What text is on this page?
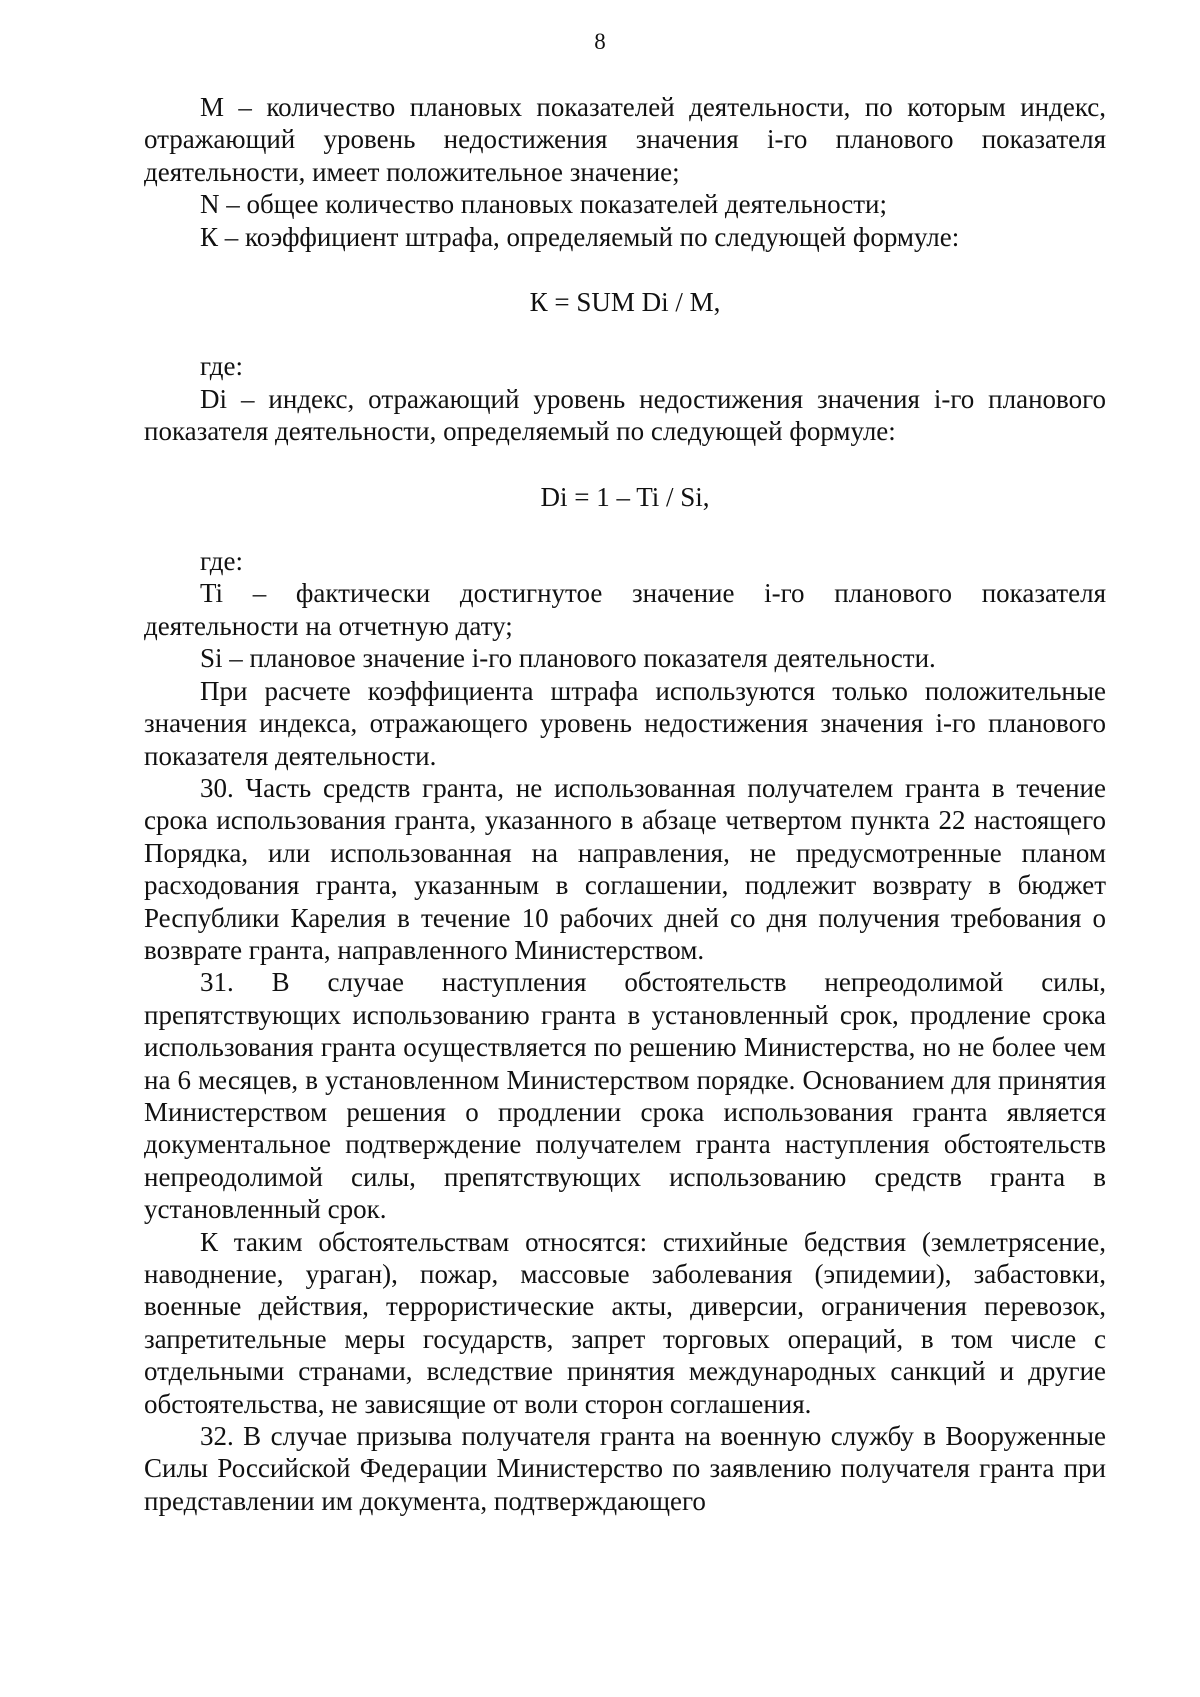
8

M – количество плановых показателей деятельности, по которым индекс, отражающий уровень недостижения значения i-го планового показателя деятельности, имеет положительное значение;

N – общее количество плановых показателей деятельности;

К – коэффициент штрафа, определяемый по следующей формуле:

К = SUM Di / M,

где:

Di – индекс, отражающий уровень недостижения значения i-го планового показателя деятельности, определяемый по следующей формуле:

Di = 1 – Ti / Si,

где:

Ti – фактически достигнутое значение i-го планового показателя деятельности на отчетную дату;

Si – плановое значение i-го планового показателя деятельности.

При расчете коэффициента штрафа используются только положительные значения индекса, отражающего уровень недостижения значения i-го планового показателя деятельности.

30. Часть средств гранта, не использованная получателем гранта в течение срока использования гранта, указанного в абзаце четвертом пункта 22 настоящего Порядка, или использованная на направления, не предусмотренные планом расходования гранта, указанным в соглашении, подлежит возврату в бюджет Республики Карелия в течение 10 рабочих дней со дня получения требования о возврате гранта, направленного Министерством.

31. В случае наступления обстоятельств непреодолимой силы, препятствующих использованию гранта в установленный срок, продление срока использования гранта осуществляется по решению Министерства, но не более чем на 6 месяцев, в установленном Министерством порядке. Основанием для принятия Министерством решения о продлении срока использования гранта является документальное подтверждение получателем гранта наступления обстоятельств непреодолимой силы, препятствующих использованию средств гранта в установленный срок.

К таким обстоятельствам относятся: стихийные бедствия (землетрясение, наводнение, ураган), пожар, массовые заболевания (эпидемии), забастовки, военные действия, террористические акты, диверсии, ограничения перевозок, запретительные меры государств, запрет торговых операций, в том числе с отдельными странами, вследствие принятия международных санкций и другие обстоятельства, не зависящие от воли сторон соглашения.

32. В случае призыва получателя гранта на военную службу в Вооруженные Силы Российской Федерации Министерство по заявлению получателя гранта при представлении им документа, подтверждающего
